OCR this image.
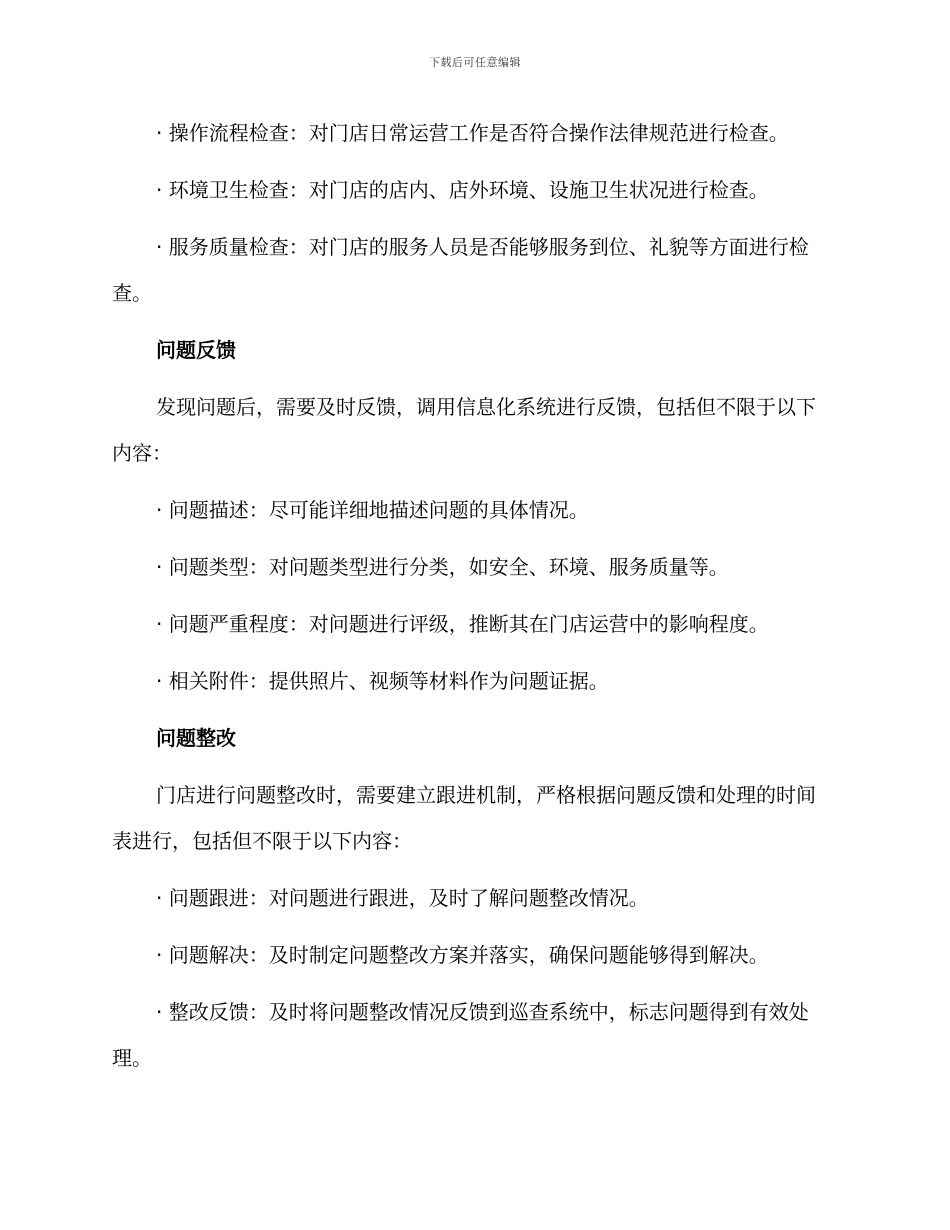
下载后可任意编辑

· 操作流程检查：对门店日常运营工作是否符合操作法律规范进行检查。

· 环境卫生检查：对门店的店内、店外环境、设施卫生状况进行检查。

· 服务质量检查：对门店的服务人员是否能够服务到位、礼貌等方面进行检查。

问题反馈

发现问题后，需要及时反馈，调用信息化系统进行反馈，包括但不限于以下内容：

· 问题描述：尽可能详细地描述问题的具体情况。

· 问题类型：对问题类型进行分类，如安全、环境、服务质量等。

· 问题严重程度：对问题进行评级，推断其在门店运营中的影响程度。

· 相关附件：提供照片、视频等材料作为问题证据。

问题整改

门店进行问题整改时，需要建立跟进机制，严格根据问题反馈和处理的时间表进行，包括但不限于以下内容：

· 问题跟进：对问题进行跟进，及时了解问题整改情况。

· 问题解决：及时制定问题整改方案并落实，确保问题能够得到解决。

· 整改反馈：及时将问题整改情况反馈到巡查系统中，标志问题得到有效处理。
